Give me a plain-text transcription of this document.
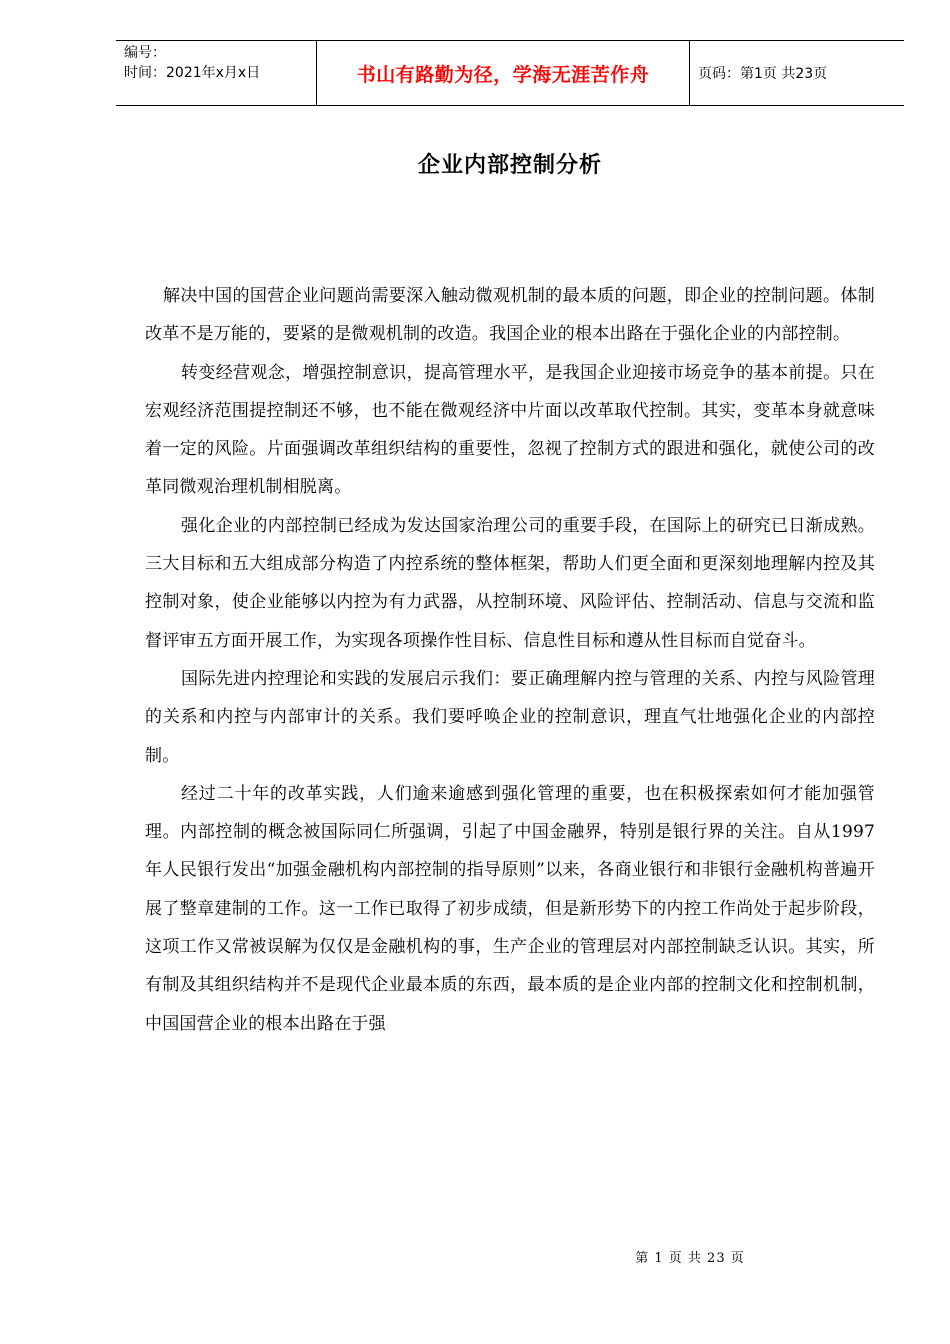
编号：
时间：2021年x月x日	书山有路勤为径，学海无涯苦作舟	页码：第1页 共23页
企业内部控制分析

解决中国的国营企业问题尚需要深入触动微观机制的最本质的问题，即企业的控制问题。体制改革不是万能的，要紧的是微观机制的改造。我国企业的根本出路在于强化企业的内部控制。

转变经营观念，增强控制意识，提高管理水平，是我国企业迎接市场竞争的基本前提。只在宏观经济范围提控制还不够，也不能在微观经济中片面以改革取代控制。其实，变革本身就意味着一定的风险。片面强调改革组织结构的重要性，忽视了控制方式的跟进和强化，就使公司的改革同微观治理机制相脱离。

强化企业的内部控制已经成为发达国家治理公司的重要手段，在国际上的研究已日渐成熟。三大目标和五大组成部分构造了内控系统的整体框架，帮助人们更全面和更深刻地理解内控及其控制对象，使企业能够以内控为有力武器，从控制环境、风险评估、控制活动、信息与交流和监督评审五方面开展工作，为实现各项操作性目标、信息性目标和遵从性目标而自觉奋斗。

国际先进内控理论和实践的发展启示我们：要正确理解内控与管理的关系、内控与风险管理的关系和内控与内部审计的关系。我们要呼唤企业的控制意识，理直气壮地强化企业的内部控制。

经过二十年的改革实践，人们逾来逾感到强化管理的重要，也在积极探索如何才能加强管理。内部控制的概念被国际同仁所强调，引起了中国金融界，特别是银行界的关注。自从1997年人民银行发出“加强金融机构内部控制的指导原则”以来，各商业银行和非银行金融机构普遍开展了整章建制的工作。这一工作已取得了初步成绩，但是新形势下的内控工作尚处于起步阶段，这项工作又常被误解为仅仅是金融机构的事，生产企业的管理层对内部控制缺乏认识。其实，所有制及其组织结构并不是现代企业最本质的东西，最本质的是企业内部的控制文化和控制机制，中国国营企业的根本出路在于强

第 1 页 共 23 页
